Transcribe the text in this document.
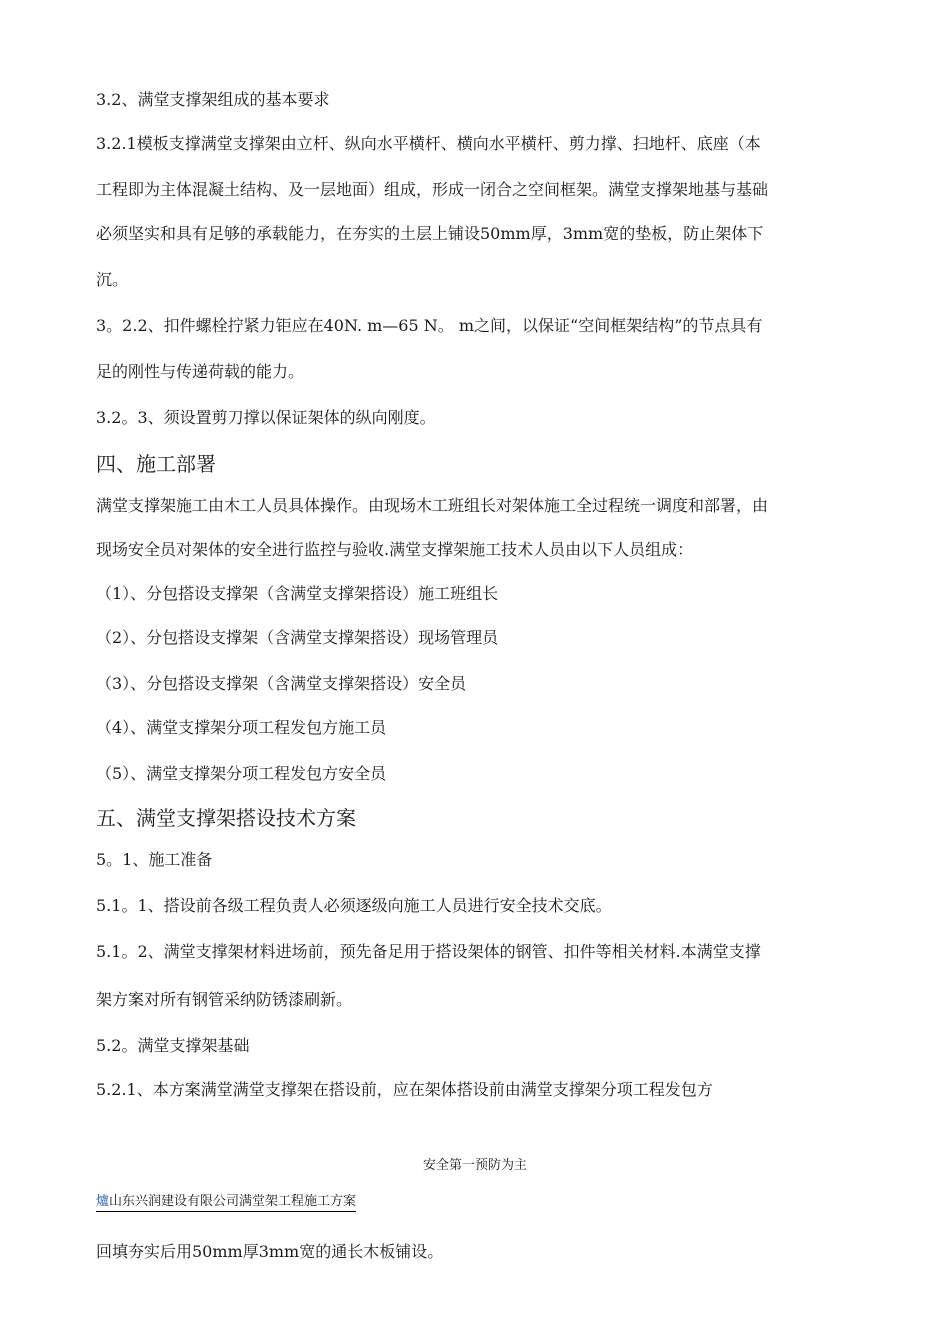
3.2、满堂支撑架组成的基本要求
3.2.1模板支撑满堂支撑架由立杆、纵向水平横杆、横向水平横杆、剪力撑、扫地杆、底座（本
工程即为主体混凝土结构、及一层地面）组成，形成一闭合之空间框架。满堂支撑架地基与基础
必须坚实和具有足够的承载能力，在夯实的土层上铺设50mm厚，3mm宽的垫板，防止架体下
沉。
3。2.2、扣件螺栓拧紧力钜应在40N. m—65 N。 m之间，以保证“空间框架结构”的节点具有
足的刚性与传递荷载的能力。
3.2。3、须设置剪刀撑以保证架体的纵向刚度。
四、施工部署
满堂支撑架施工由木工人员具体操作。由现场木工班组长对架体施工全过程统一调度和部署，由
现场安全员对架体的安全进行监控与验收.满堂支撑架施工技术人员由以下人员组成：
（1）、分包搭设支撑架（含满堂支撑架搭设）施工班组长
（2）、分包搭设支撑架（含满堂支撑架搭设）现场管理员
（3）、分包搭设支撑架（含满堂支撑架搭设）安全员
（4）、满堂支撑架分项工程发包方施工员
（5）、满堂支撑架分项工程发包方安全员
五、满堂支撑架搭设技术方案
5。1、施工准备
5.1。1、搭设前各级工程负责人必须逐级向施工人员进行安全技术交底。
5.1。2、满堂支撑架材料进场前，预先备足用于搭设架体的钢管、扣件等相关材料.本满堂支撑
架方案对所有钢管采纳防锈漆刷新。
5.2。满堂支撑架基础
5.2.1、本方案满堂满堂支撑架在搭设前，应在架体搭设前由满堂支撑架分项工程发包方
安全第一预防为主
爐山东兴润建设有限公司满堂架工程施工方案
回填夯实后用50mm厚3mm宽的通长木板铺设。
